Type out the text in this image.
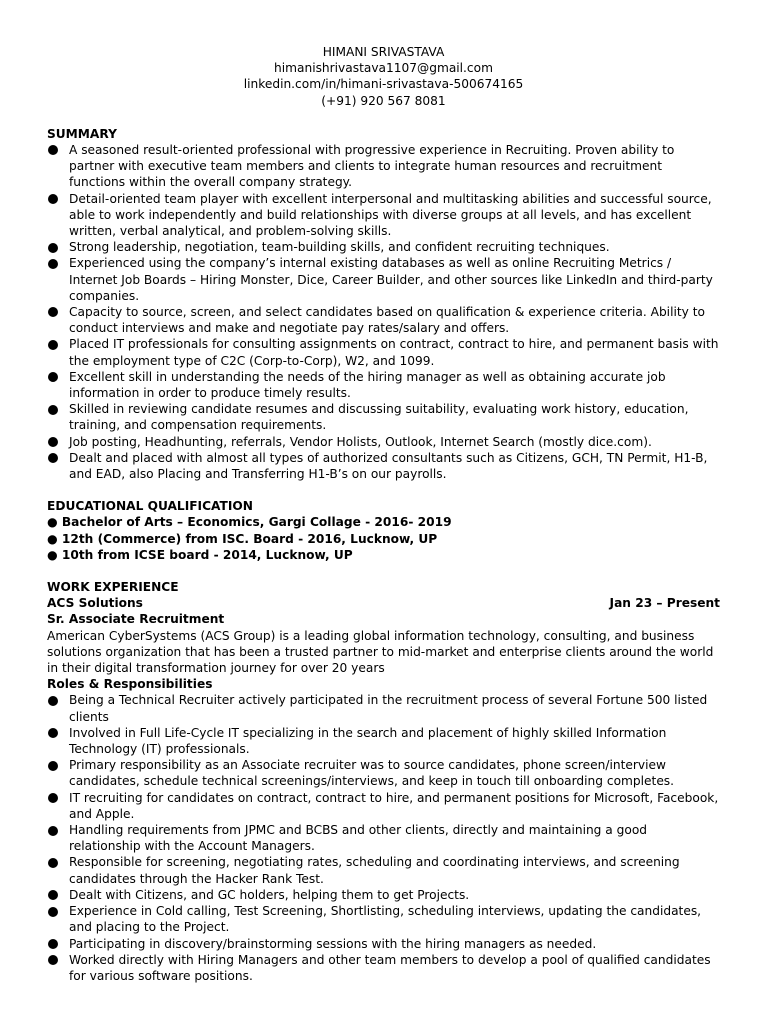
HIMANI SRIVASTAVA
himanishrivastava1107@gmail.com
linkedin.com/in/himani-srivastava-500674165
(+91) 920 567 8081
SUMMARY
A seasoned result-oriented professional with progressive experience in Recruiting. Proven ability to partner with executive team members and clients to integrate human resources and recruitment functions within the overall company strategy.
Detail-oriented team player with excellent interpersonal and multitasking abilities and successful source, able to work independently and build relationships with diverse groups at all levels, and has excellent written, verbal analytical, and problem-solving skills.
Strong leadership, negotiation, team-building skills, and confident recruiting techniques.
Experienced using the company’s internal existing databases as well as online Recruiting Metrics / Internet Job Boards – Hiring Monster, Dice, Career Builder, and other sources like LinkedIn and third-party companies.
Capacity to source, screen, and select candidates based on qualification & experience criteria. Ability to conduct interviews and make and negotiate pay rates/salary and offers.
Placed IT professionals for consulting assignments on contract, contract to hire, and permanent basis with the employment type of C2C (Corp-to-Corp), W2, and 1099.
Excellent skill in understanding the needs of the hiring manager as well as obtaining accurate job information in order to produce timely results.
Skilled in reviewing candidate resumes and discussing suitability, evaluating work history, education, training, and compensation requirements.
Job posting, Headhunting, referrals, Vendor Holists, Outlook, Internet Search (mostly dice.com).
Dealt and placed with almost all types of authorized consultants such as Citizens, GCH, TN Permit, H1-B, and EAD, also Placing and Transferring H1-B’s on our payrolls.
EDUCATIONAL QUALIFICATION
● Bachelor of Arts – Economics, Gargi Collage - 2016- 2019
● 12th (Commerce) from ISC. Board - 2016, Lucknow, UP
● 10th from ICSE board - 2014, Lucknow, UP
WORK EXPERIENCE
ACS Solutions	Jan 23 – Present
Sr. Associate Recruitment
American CyberSystems (ACS Group) is a leading global information technology, consulting, and business solutions organization that has been a trusted partner to mid-market and enterprise clients around the world in their digital transformation journey for over 20 years
Roles & Responsibilities
Being a Technical Recruiter actively participated in the recruitment process of several Fortune 500 listed clients
Involved in Full Life-Cycle IT specializing in the search and placement of highly skilled Information Technology (IT) professionals.
Primary responsibility as an Associate recruiter was to source candidates, phone screen/interview candidates, schedule technical screenings/interviews, and keep in touch till onboarding completes.
IT recruiting for candidates on contract, contract to hire, and permanent positions for Microsoft, Facebook, and Apple.
Handling requirements from JPMC and BCBS and other clients, directly and maintaining a good relationship with the Account Managers.
Responsible for screening, negotiating rates, scheduling and coordinating interviews, and screening candidates through the Hacker Rank Test.
Dealt with Citizens, and GC holders, helping them to get Projects.
Experience in Cold calling, Test Screening, Shortlisting, scheduling interviews, updating the candidates, and placing to the Project.
Participating in discovery/brainstorming sessions with the hiring managers as needed.
Worked directly with Hiring Managers and other team members to develop a pool of qualified candidates for various software positions.
